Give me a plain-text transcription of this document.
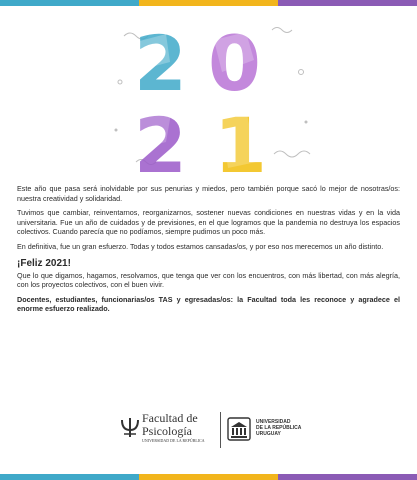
2 0
2 1

Este año que pasa será inolvidable por sus penurias y miedos, pero también porque sacó lo mejor de nosotras/os: nuestra creatividad y solidaridad.

Tuvimos que cambiar, reinventarnos, reorganizarnos, sostener nuevas condiciones en nuestras vidas y en la vida universitaria. Fue un año de cuidados y de previsiones, en el que logramos que la pandemia no destruya los espacios colectivos. Cuando parecía que no podíamos, siempre pudimos un poco más.

En definitiva, fue un gran esfuerzo. Todas y todos estamos cansadas/os, y por eso nos merecemos un año distinto.

¡Feliz 2021!

Que lo que digamos, hagamos, resolvamos, que tenga que ver con los encuentros, con más libertad, con más alegría, con los proyectos colectivos, con el buen vivir.

Docentes, estudiantes, funcionarias/os TAS y egresadas/os: la Facultad toda les reconoce y agradece el enorme esfuerzo realizado.

Facultad de
Psicología
UNIVERSIDAD DE LA REPÚBLICA
UNIVERSIDAD
DE LA REPÚBLICA
URUGUAY
